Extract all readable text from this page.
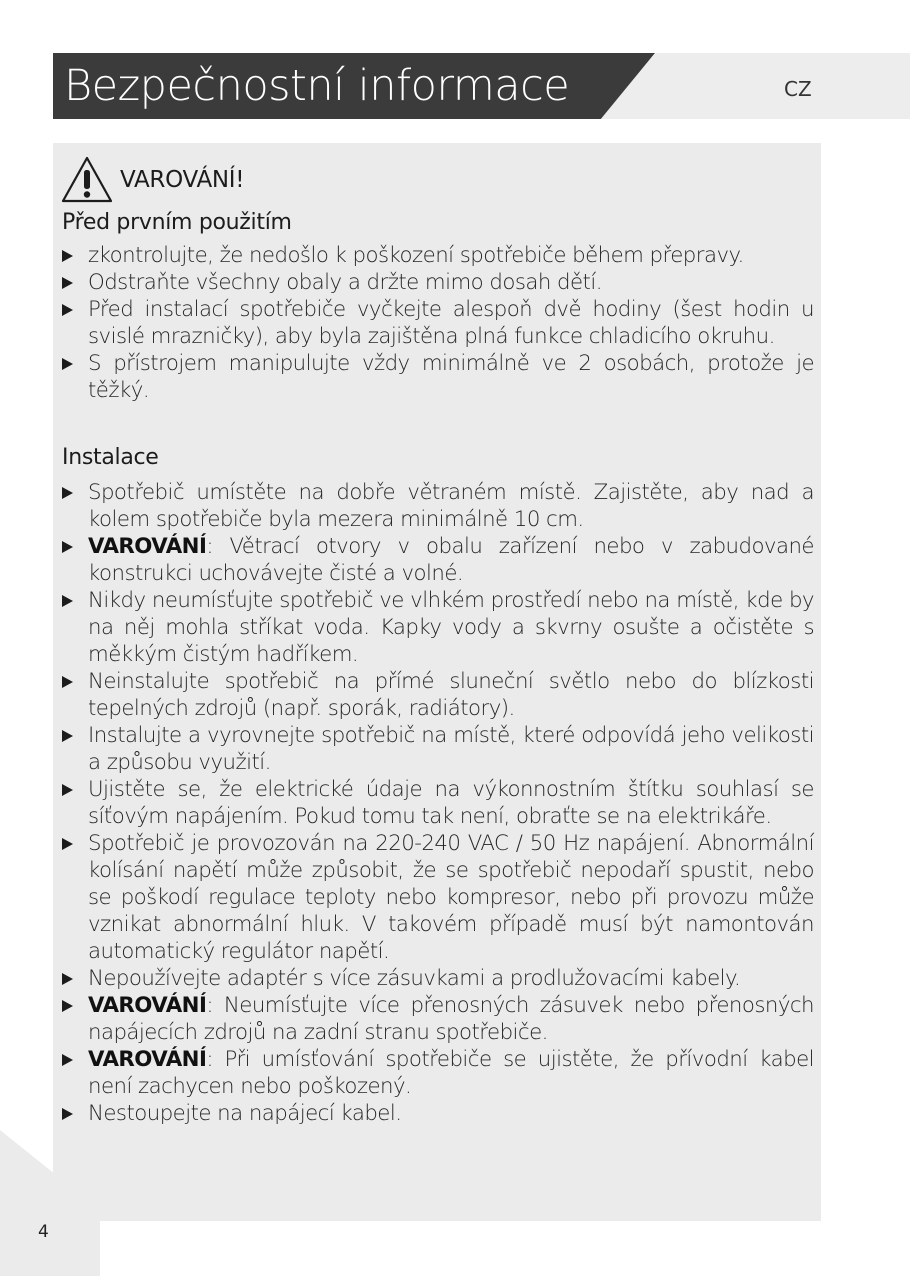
Bezpečnostní informace	CZ
VAROVÁNÍ!
Před prvním použitím
zkontrolujte, že nedošlo k poškození spotřebiče během přepravy.
Odstraňte všechny obaly a držte mimo dosah dětí.
Před instalací spotřebiče vyčkejte alespoň dvě hodiny (šest hodin u svislé mrazničky), aby byla zajištěna plná funkce chladicího okruhu.
S přístrojem manipulujte vždy minimálně ve 2 osobách, protože je těžký.
Instalace
Spotřebič umístěte na dobře větraném místě. Zajistěte, aby nad a kolem spotřebiče byla mezera minimálně 10 cm.
VAROVÁNÍ: Větrací otvory v obalu zařízení nebo v zabudované konstrukci uchovávejte čisté a volné.
Nikdy neumísťujte spotřebič ve vlhkém prostředí nebo na místě, kde by na něj mohla stříkat voda. Kapky vody a skvrny osušte a očistěte s měkkým čistým hadříkem.
Neinstalujte spotřebič na přímé sluneční světlo nebo do blízkosti tepelných zdrojů (např. sporák, radiátory).
Instalujte a vyrovnejte spotřebič na místě, které odpovídá jeho velikosti a způsobu využití.
Ujistěte se, že elektrické údaje na výkonnostním štítku souhlasí se síťovým napájením. Pokud tomu tak není, obraťte se na elektrikáře.
Spotřebič je provozován na 220-240 VAC / 50 Hz napájení. Abnormální kolísání napětí může způsobit, že se spotřebič nepodaří spustit, nebo se poškodí regulace teploty nebo kompresor, nebo při provozu může vznikat abnormální hluk. V takovém případě musí být namontován automatický regulátor napětí.
Nepoužívejte adaptér s více zásuvkami a prodlužovacími kabely.
VAROVÁNÍ: Neumísťujte více přenosných zásuvek nebo přenosných napájecích zdrojů na zadní stranu spotřebiče.
VAROVÁNÍ: Při umísťování spotřebiče se ujistěte, že přívodní kabel není zachycen nebo poškozený.
Nestoupejte na napájecí kabel.
4
